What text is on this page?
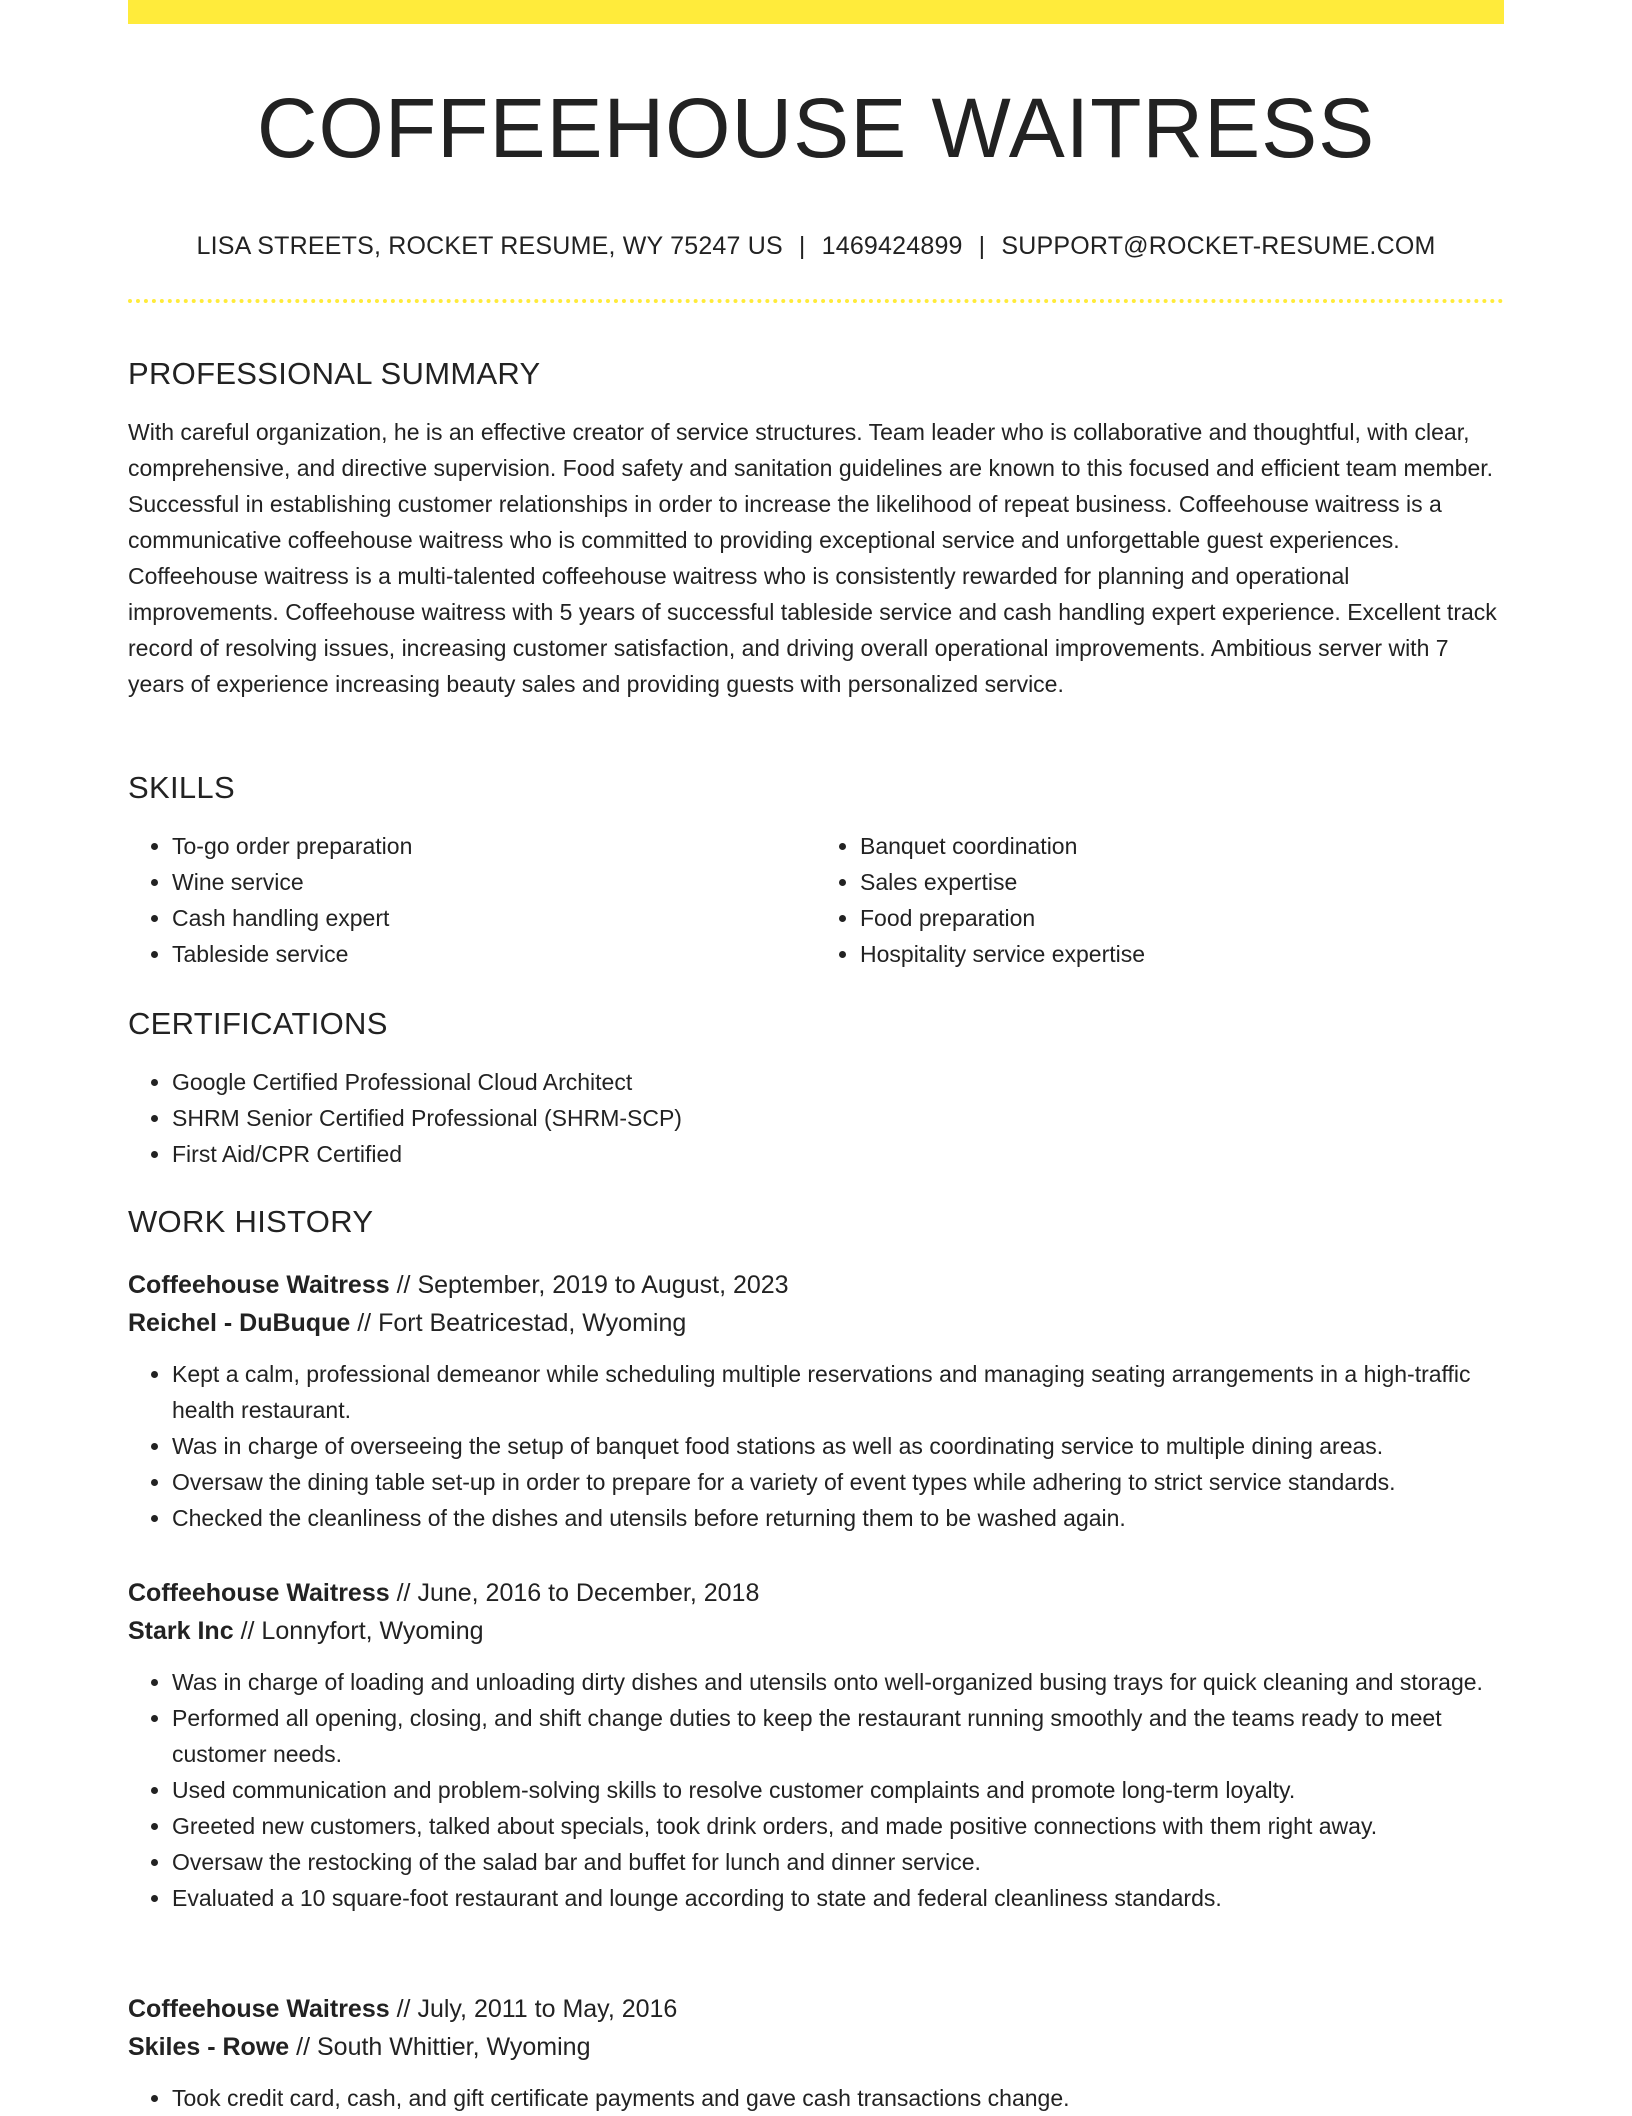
COFFEEHOUSE WAITRESS
LISA STREETS, ROCKET RESUME, WY 75247 US | 1469424899 | SUPPORT@ROCKET-RESUME.COM
PROFESSIONAL SUMMARY

With careful organization, he is an effective creator of service structures. Team leader who is collaborative and thoughtful, with clear, comprehensive, and directive supervision. Food safety and sanitation guidelines are known to this focused and efficient team member. Successful in establishing customer relationships in order to increase the likelihood of repeat business. Coffeehouse waitress is a communicative coffeehouse waitress who is committed to providing exceptional service and unforgettable guest experiences. Coffeehouse waitress is a multi-talented coffeehouse waitress who is consistently rewarded for planning and operational improvements. Coffeehouse waitress with 5 years of successful tableside service and cash handling expert experience. Excellent track record of resolving issues, increasing customer satisfaction, and driving overall operational improvements. Ambitious server with 7 years of experience increasing beauty sales and providing guests with personalized service.

SKILLS
• To-go order preparation
• Wine service
• Cash handling expert
• Tableside service
• Banquet coordination
• Sales expertise
• Food preparation
• Hospitality service expertise
CERTIFICATIONS
• Google Certified Professional Cloud Architect
• SHRM Senior Certified Professional (SHRM-SCP)
• First Aid/CPR Certified
WORK HISTORY
Coffeehouse Waitress // September, 2019 to August, 2023
Reichel - DuBuque // Fort Beatricestad, Wyoming
• Kept a calm, professional demeanor while scheduling multiple reservations and managing seating arrangements in a high-traffic health restaurant.
• Was in charge of overseeing the setup of banquet food stations as well as coordinating service to multiple dining areas.
• Oversaw the dining table set-up in order to prepare for a variety of event types while adhering to strict service standards.
• Checked the cleanliness of the dishes and utensils before returning them to be washed again.
Coffeehouse Waitress // June, 2016 to December, 2018
Stark Inc // Lonnyfort, Wyoming
• Was in charge of loading and unloading dirty dishes and utensils onto well-organized busing trays for quick cleaning and storage.
• Performed all opening, closing, and shift change duties to keep the restaurant running smoothly and the teams ready to meet customer needs.
• Used communication and problem-solving skills to resolve customer complaints and promote long-term loyalty.
• Greeted new customers, talked about specials, took drink orders, and made positive connections with them right away.
• Oversaw the restocking of the salad bar and buffet for lunch and dinner service.
• Evaluated a 10 square-foot restaurant and lounge according to state and federal cleanliness standards.
Coffeehouse Waitress // July, 2011 to May, 2016
Skiles - Rowe // South Whittier, Wyoming
• Took credit card, cash, and gift certificate payments and gave cash transactions change.
